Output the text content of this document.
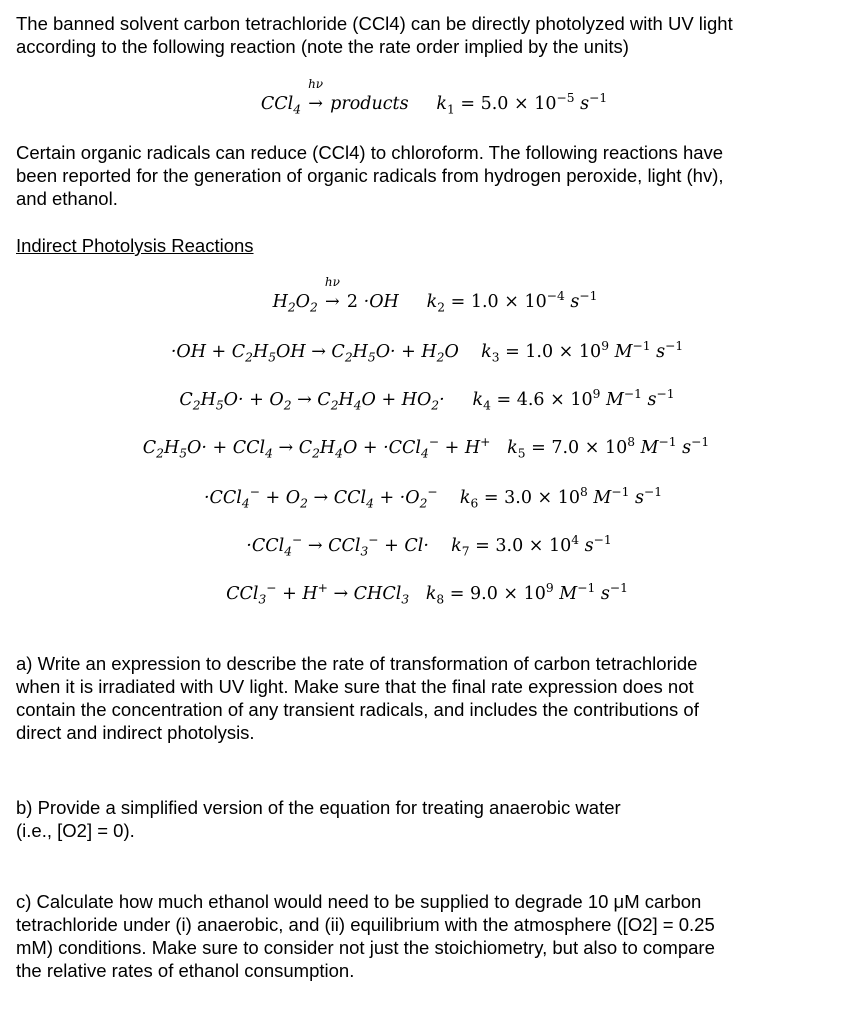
The banned solvent carbon tetrachloride (CCl4) can be directly photolyzed with UV light
according to the following reaction (note the rate order implied by the units)

CCl$_4$
hν
→ products $k_1 = 5.0 \times 10^{-5}$ $s^{-1}$

Certain organic radicals can reduce (CCl4) to chloroform. The following reactions have
been reported for the generation of organic radicals from hydrogen peroxide, light (hv),
and ethanol.

Indirect Photolysis Reactions
$H_2O_2$
hν
→ 2 ·OH $k_2 = 1.0 \times 10^{-4}$ $s^{-1}$
$\cdot OH + C_2H_5OH \to C_2H_5O\cdot + H_2O$ $k_3 = 1.0 \times 10^9$ $M^{-1}$ $s^{-1}$
$C_2H_5O\cdot + O_2 \to C_2H_4O + HO_2\cdot k_4 = 4.6 \times 10^9$ $M^{-1}$ $s^{-1}$
$C_2H_5O\cdot + CCl_4 \to C_2H_4O + \cdot CCl_4^- + H^+$ $k_5 = 7.0 \times 10^8$ $M^{-1}$ $s^{-1}$
$\cdot CCl_4^- + O_2 \to CCl_4 + \cdot O_2^-$ $k_6 = 3.0 \times 10^8$ $M^{-1}$ $s^{-1}$
$\cdot CCl_4^- \to CCl_3^- + Cl\cdot k_7 = 3.0 \times 10^4$ $s^{-1}$
CCl$_3$− + H+ → CHCl$_3$ $k_8 = 9.0 \times 10^9$ $M^{-1}$ $s^{-1}$

a) Write an expression to describe the rate of transformation of carbon tetrachloride
when it is irradiated with UV light. Make sure that the final rate expression does not
contain the concentration of any transient radicals, and includes the contributions of
direct and indirect photolysis.

b) Provide a simplified version of the equation for treating anaerobic water
(i.e., [O2] = 0).

c) Calculate how much ethanol would need to be supplied to degrade 10 μM carbon
tetrachloride under (i) anaerobic, and (ii) equilibrium with the atmosphere ([O2] = 0.25
mM) conditions. Make sure to consider not just the stoichiometry, but also to compare
the relative rates of ethanol consumption.
